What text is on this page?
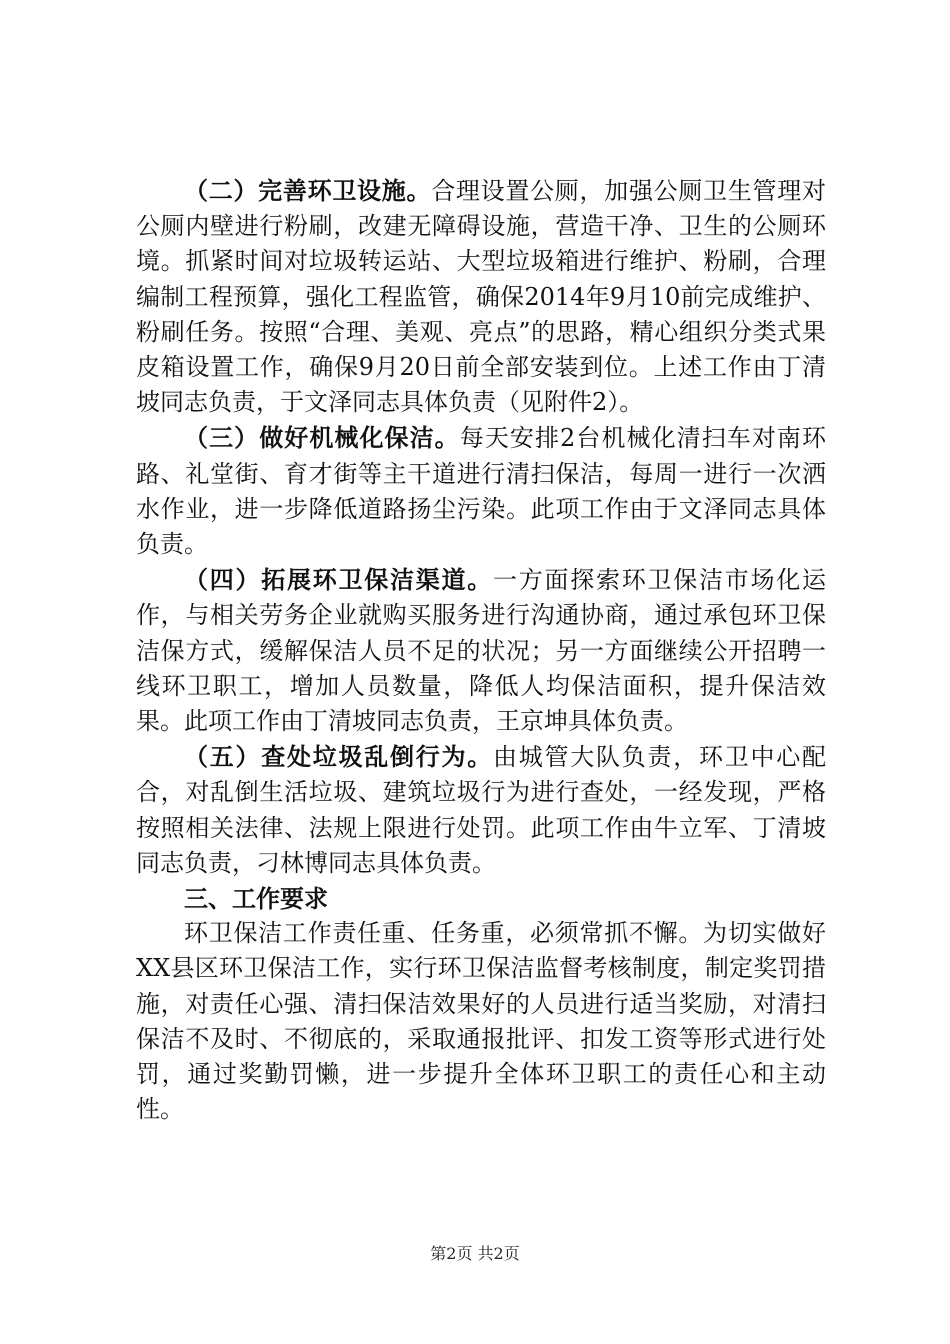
（二）完善环卫设施。合理设置公厕，加强公厕卫生管理对公厕内壁进行粉刷，改建无障碍设施，营造干净、卫生的公厕环境。抓紧时间对垃圾转运站、大型垃圾箱进行维护、粉刷，合理编制工程预算，强化工程监管，确保2014年9月10前完成维护、粉刷任务。按照“合理、美观、亮点”的思路，精心组织分类式果皮箱设置工作，确保9月20日前全部安装到位。上述工作由丁清坡同志负责，于文泽同志具体负责（见附件2）。

（三）做好机械化保洁。每天安排2台机械化清扫车对南环路、礼堂街、育才街等主干道进行清扫保洁，每周一进行一次洒水作业，进一步降低道路扬尘污染。此项工作由于文泽同志具体负责。

（四）拓展环卫保洁渠道。一方面探索环卫保洁市场化运作，与相关劳务企业就购买服务进行沟通协商，通过承包环卫保洁保方式，缓解保洁人员不足的状况；另一方面继续公开招聘一线环卫职工，增加人员数量，降低人均保洁面积，提升保洁效果。此项工作由丁清坡同志负责，王京坤具体负责。

（五）查处垃圾乱倒行为。由城管大队负责，环卫中心配合，对乱倒生活垃圾、建筑垃圾行为进行查处，一经发现，严格按照相关法律、法规上限进行处罚。此项工作由牛立军、丁清坡同志负责，刁林博同志具体负责。

三、工作要求

环卫保洁工作责任重、任务重，必须常抓不懈。为切实做好XX县区环卫保洁工作，实行环卫保洁监督考核制度，制定奖罚措施，对责任心强、清扫保洁效果好的人员进行适当奖励，对清扫保洁不及时、不彻底的，采取通报批评、扣发工资等形式进行处罚，通过奖勤罚懒，进一步提升全体环卫职工的责任心和主动性。

第2页 共2页
